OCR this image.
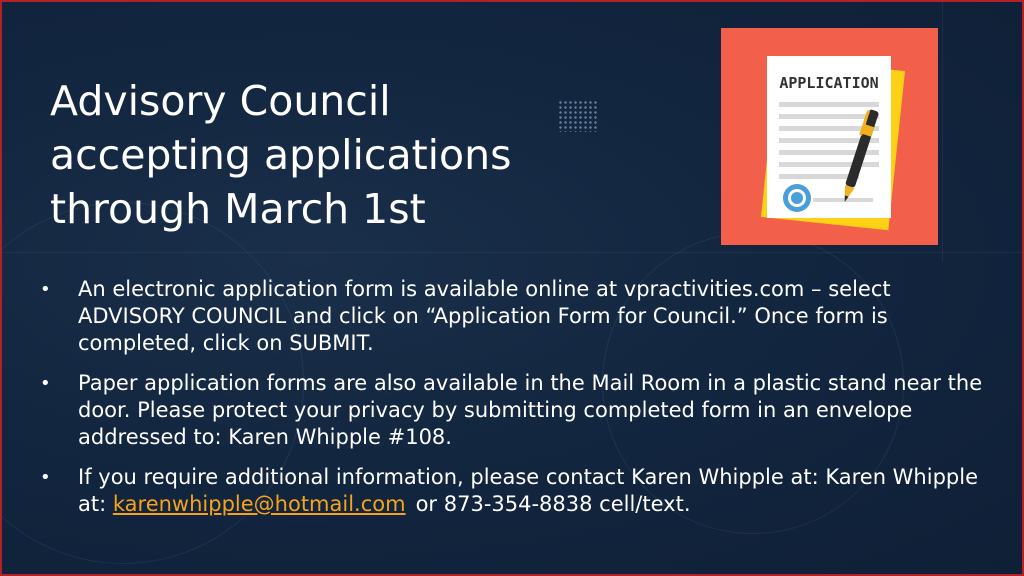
Advisory Council
accepting applications
through March 1st
APPLICATION
• An electronic application form is available online at vpractivities.com – select ADVISORY COUNCIL and click on “Application Form for Council.” Once form is completed, click on SUBMIT.
• Paper application forms are also available in the Mail Room in a plastic stand near the door. Please protect your privacy by submitting completed form in an envelope addressed to: Karen Whipple #108.
• If you require additional information, please contact Karen Whipple at: Karen Whipple at: karenwhipple@hotmail.com or 873-354-8838 cell/text.
